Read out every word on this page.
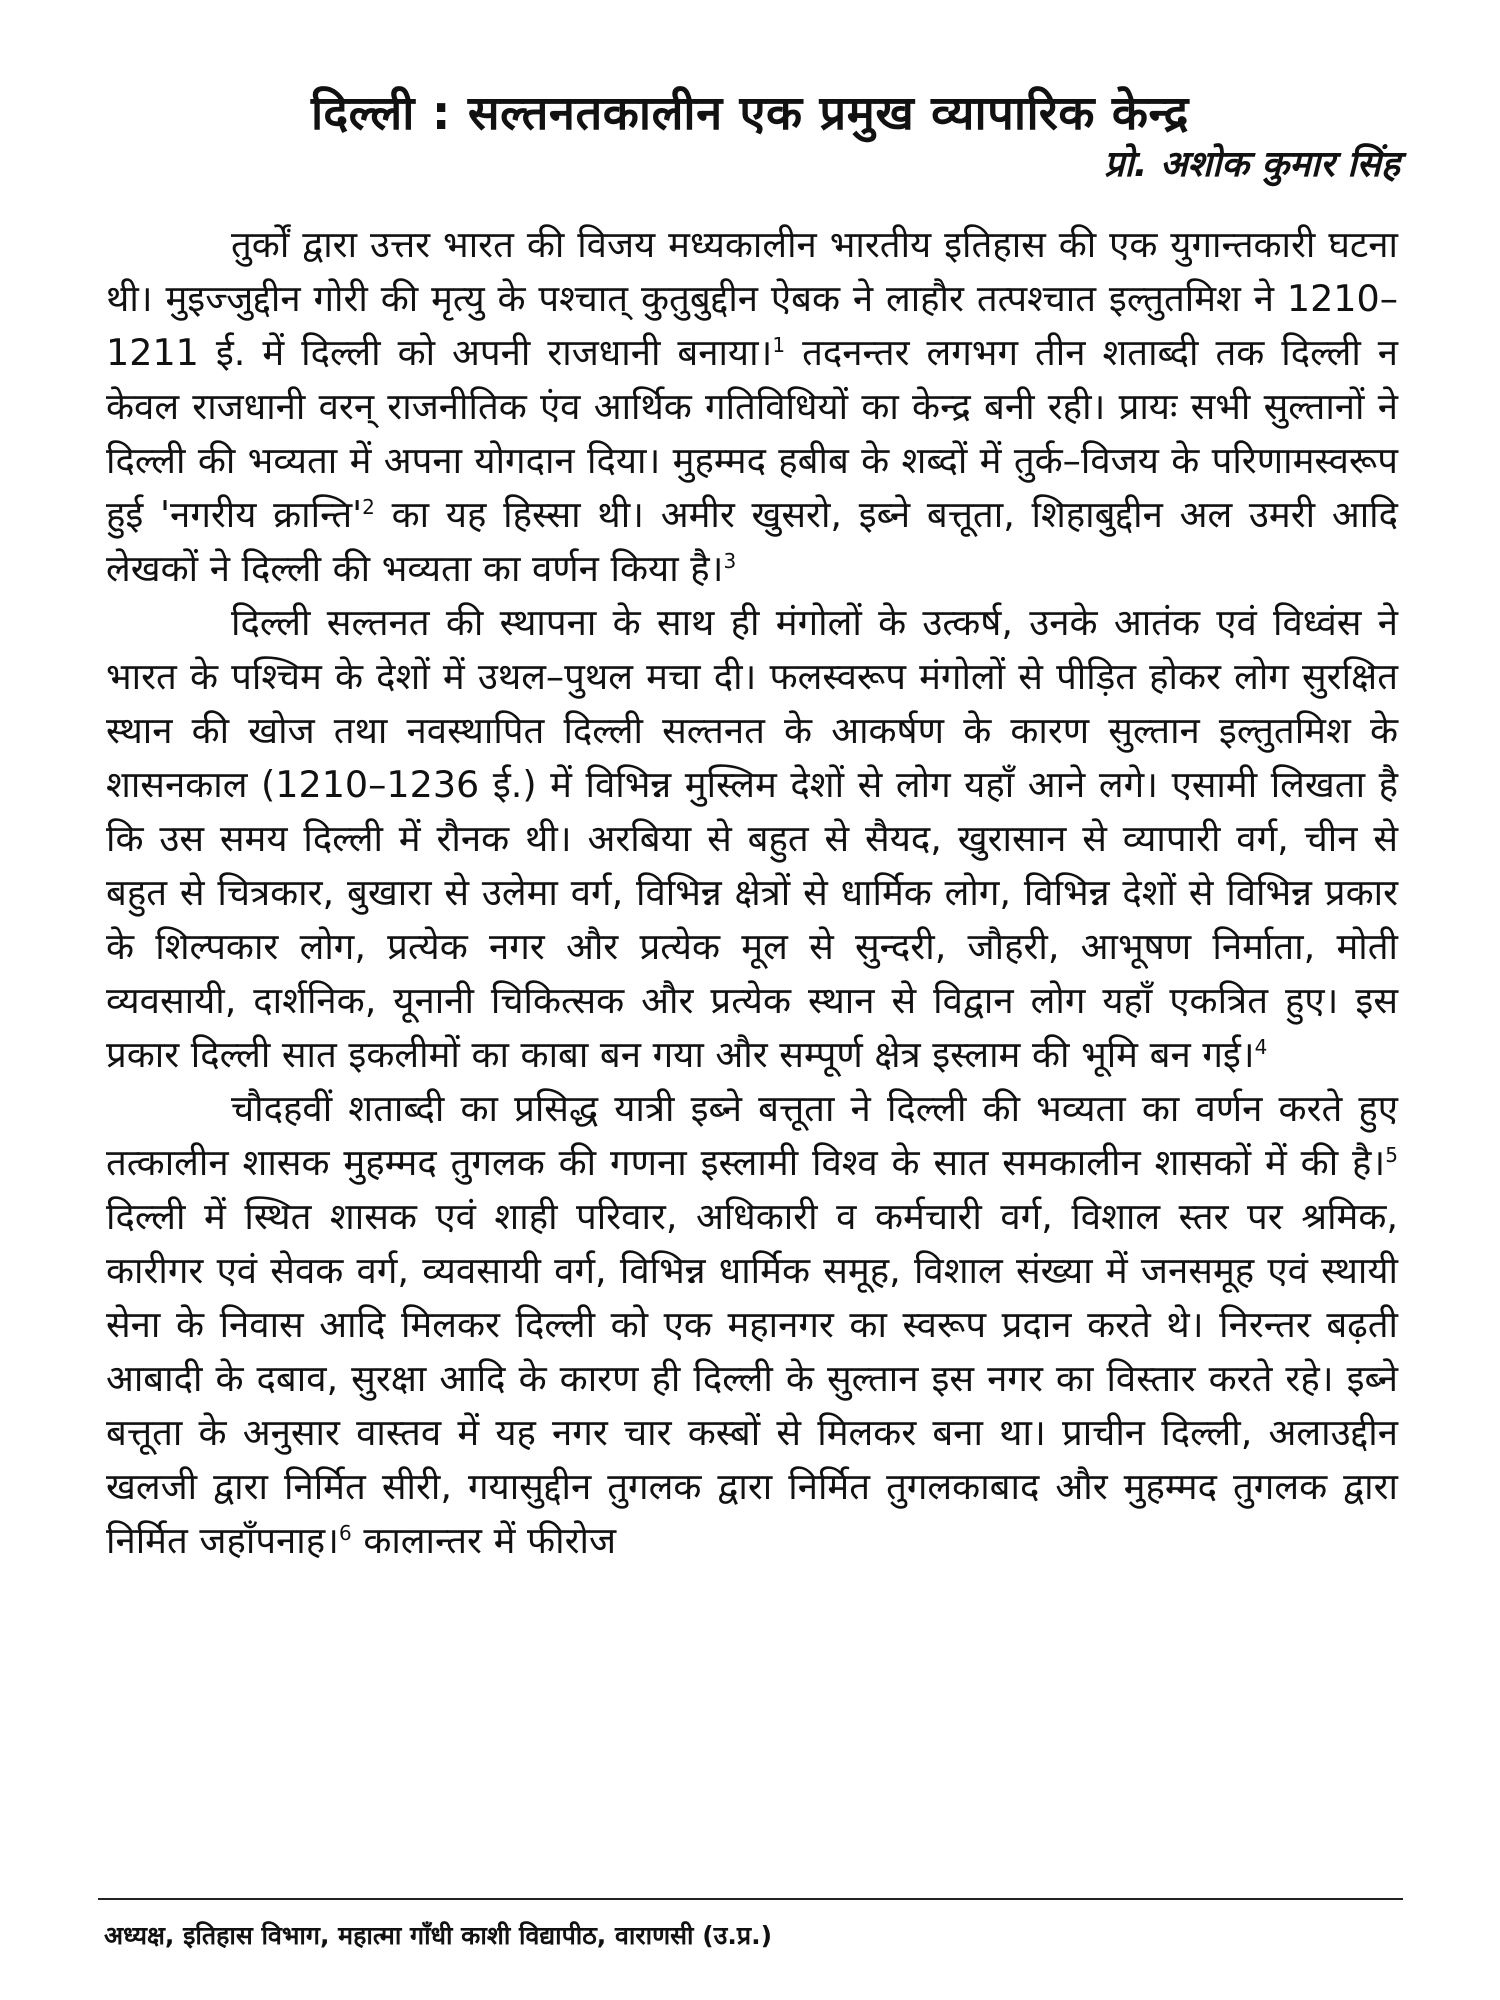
दिल्ली : सल्तनतकालीन एक प्रमुख व्यापारिक केन्द्र
प्रो. अशोक कुमार सिंह

तुर्कों द्वारा उत्तर भारत की विजय मध्यकालीन भारतीय इतिहास की एक युगान्तकारी घटना थी। मुइज्जुद्दीन गोरी की मृत्यु के पश्चात् कुतुबुद्दीन ऐबक ने लाहौर तत्पश्चात इल्तुतमिश ने 1210–1211 ई. में दिल्ली को अपनी राजधानी बनाया।$^1$ तदनन्तर लगभग तीन शताब्दी तक दिल्ली न केवल राजधानी वरन् राजनीतिक एंव आर्थिक गतिविधियों का केन्द्र बनी रही। प्रायः सभी सुल्तानों ने दिल्ली की भव्यता में अपना योगदान दिया। मुहम्मद हबीब के शब्दों में तुर्क–विजय के परिणामस्वरूप हुई 'नगरीय $क्रान्ति'^2$ का यह हिस्सा थी। अमीर खुसरो, इब्ने बत्तूता, शिहाबुद्दीन अल उमरी आदि लेखकों ने दिल्ली की भव्यता का वर्णन किया है।$^3$

दिल्ली सल्तनत की स्थापना के साथ ही मंगोलों के उत्कर्ष, उनके आतंक एवं विध्वंस ने भारत के पश्चिम के देशों में उथल–पुथल मचा दी। फलस्वरूप मंगोलों से पीड़ित होकर लोग सुरक्षित स्थान की खोज तथा नवस्थापित दिल्ली सल्तनत के आकर्षण के कारण सुल्तान इल्तुतमिश के शासनकाल (1210–1236 ई.) में विभिन्न मुस्लिम देशों से लोग यहाँ आने लगे। एसामी लिखता है कि उस समय दिल्ली में रौनक थी। अरबिया से बहुत से सैयद, खुरासान से व्यापारी वर्ग, चीन से बहुत से चित्रकार, बुखारा से उलेमा वर्ग, विभिन्न क्षेत्रों से धार्मिक लोग, विभिन्न देशों से विभिन्न प्रकार के शिल्पकार लोग, प्रत्येक नगर और प्रत्येक मूल से सुन्दरी, जौहरी, आभूषण निर्माता, मोती व्यवसायी, दार्शनिक, यूनानी चिकित्सक और प्रत्येक स्थान से विद्वान लोग यहाँ एकत्रित हुए। इस प्रकार दिल्ली सात इकलीमों का काबा बन गया और सम्पूर्ण क्षेत्र इस्लाम की भूमि बन गई।$^4$

चौदहवीं शताब्दी का प्रसिद्ध यात्री इब्ने बत्तूता ने दिल्ली की भव्यता का वर्णन करते हुए तत्कालीन शासक मुहम्मद तुगलक की गणना इस्लामी विश्व के सात समकालीन शासकों में की है।$^5$ दिल्ली में स्थित शासक एवं शाही परिवार, अधिकारी व कर्मचारी वर्ग, विशाल स्तर पर श्रमिक, कारीगर एवं सेवक वर्ग, व्यवसायी वर्ग, विभिन्न धार्मिक समूह, विशाल संख्या में जनसमूह एवं स्थायी सेना के निवास आदि मिलकर दिल्ली को एक महानगर का स्वरूप प्रदान करते थे। निरन्तर बढ़ती आबादी के दबाव, सुरक्षा आदि के कारण ही दिल्ली के सुल्तान इस नगर का विस्तार करते रहे। इब्ने बत्तूता के अनुसार वास्तव में यह नगर चार कस्बों से मिलकर बना था। प्राचीन दिल्ली, अलाउद्दीन खलजी द्वारा निर्मित सीरी, गयासुद्दीन तुगलक द्वारा निर्मित तुगलकाबाद और मुहम्मद तुगलक द्वारा निर्मित जहाँपनाह।$^6$ कालान्तर में फीरोज

अध्यक्ष, इतिहास विभाग, महात्मा गाँधी काशी विद्यापीठ, वाराणसी (उ.प्र.)
